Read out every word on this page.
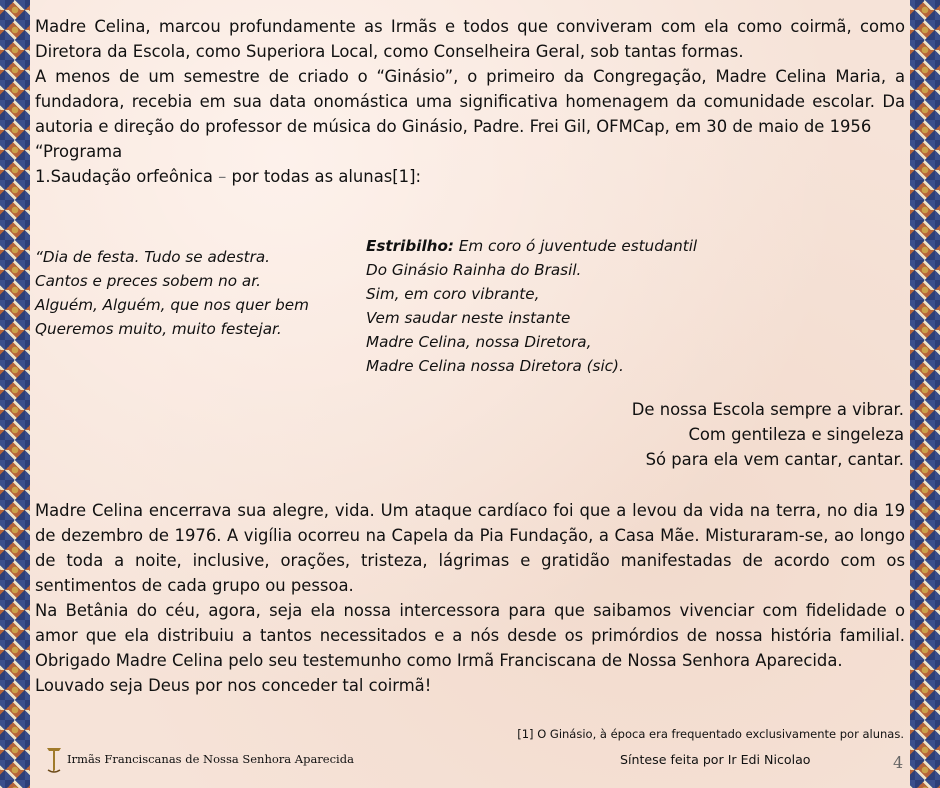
Madre Celina, marcou profundamente as Irmãs e todos que conviveram com ela como coirmã, como Diretora da Escola, como Superiora Local, como Conselheira Geral, sob tantas formas.

A menos de um semestre de criado o “Ginásio”, o primeiro da Congregação, Madre Celina Maria, a fundadora, recebia em sua data onomástica uma significativa homenagem da comunidade escolar. Da autoria e direção do professor de música do Ginásio, Padre. Frei Gil, OFMCap, em 30 de maio de 1956

“Programa

1.Saudação orfeônica – por todas as alunas[1]:

“Dia de festa. Tudo se adestra.
Cantos e preces sobem no ar.
Alguém, Alguém, que nos quer bem
Queremos muito, muito festejar.
Estribilho: Em coro ó juventude estudantil
Do Ginásio Rainha do Brasil.
Sim, em coro vibrante,
Vem saudar neste instante
Madre Celina, nossa Diretora,
Madre Celina nossa Diretora (sic).
De nossa Escola sempre a vibrar.
Com gentileza e singeleza
Só para ela vem cantar, cantar.

Madre Celina encerrava sua alegre, vida. Um ataque cardíaco foi que a levou da vida na terra, no dia 19 de dezembro de 1976. A vigília ocorreu na Capela da Pia Fundação, a Casa Mãe. Misturaram-se, ao longo de toda a noite, inclusive, orações, tristeza, lágrimas e gratidão manifestadas de acordo com os sentimentos de cada grupo ou pessoa.

Na Betânia do céu, agora, seja ela nossa intercessora para que saibamos vivenciar com fidelidade o amor que ela distribuiu a tantos necessitados e a nós desde os primórdios de nossa história familial. Obrigado Madre Celina pelo seu testemunho como Irmã Franciscana de Nossa Senhora Aparecida.

Louvado seja Deus por nos conceder tal coirmã!

[1] O Ginásio, à época era frequentado exclusivamente por alunas.
Irmãs Franciscanas de Nossa Senhora Aparecida	Síntese feita por Ir Edi Nicolao	4
